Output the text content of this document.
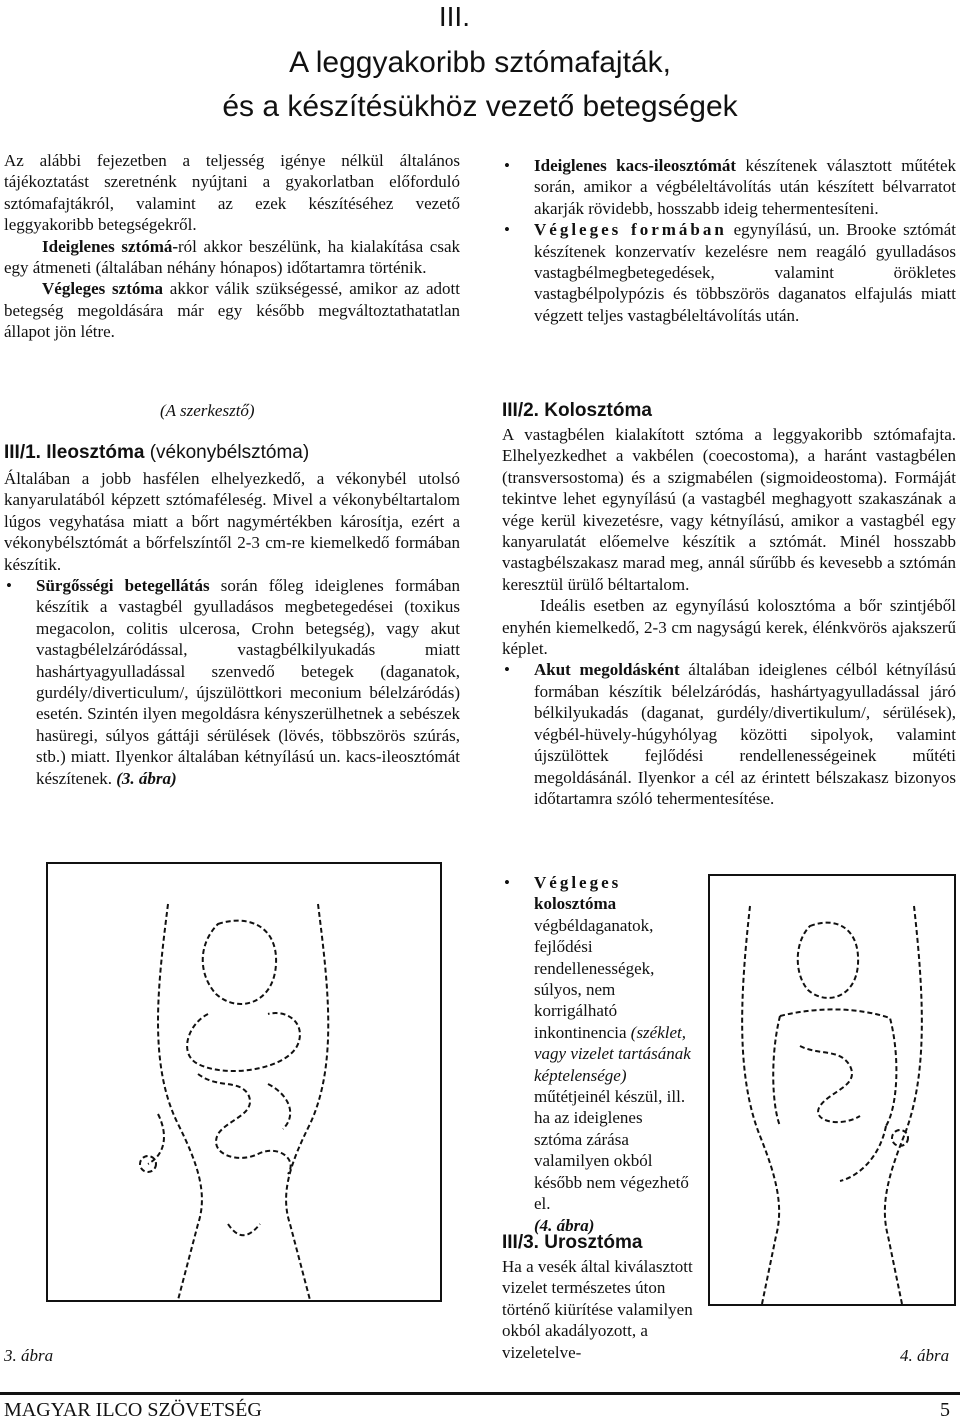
III.
A leggyakoribb sztómafajták,
és a készítésükhöz vezető betegségek

Az alábbi fejezetben a teljesség igénye nélkül általános tájékoztatást szeretnénk nyújtani a gyakorlatban előforduló sztómafajtákról, valamint az ezek készítéséhez vezető leggyakoribb betegségekről.

Ideiglenes sztómá-ról akkor beszélünk, ha kialakítása csak egy átmeneti (általában néhány hónapos) időtartamra történik.

Végleges sztóma akkor válik szükségessé, amikor az adott betegség megoldására már egy később megváltoztathatatlan állapot jön létre.

(A szerkesztő)
III/1. Ileosztóma (vékonybélsztóma)

Általában a jobb hasfélen elhelyezkedő, a vékonybél utolsó kanyarulatából képzett sztómaféleség. Mivel a vékonybéltartalom lúgos vegyhatása miatt a bőrt nagymértékben károsítja, ezért a vékonybélsztómát a bőrfelszíntől 2-3 cm-re kiemelkedő formában készítik.

• Sürgősségi betegellátás során főleg ideiglenes formában készítik a vastagbél gyulladásos megbetegedései (toxikus megacolon, colitis ulcerosa, Crohn betegség), vagy akut vastagbélelzáródással, vastagbélkilyukadás miatt hashártyagyulladással szenvedő betegek (daganatok, gurdély/diverticulum/, újszülöttkori meconium bélelzáródás) esetén. Szintén ilyen megoldásra kényszerülhetnek a sebészek hasüregi, súlyos gáttáji sérülések (lövés, többszörös szúrás, stb.) miatt. Ilyenkor általában kétnyílású un. kacs-ileosztómát készítenek. (3. ábra)

3. ábra

• Ideiglenes kacs-ileosztómát készítenek választott műtétek során, amikor a végbéleltávolítás után készített bélvarratot akarják rövidebb, hosszabb ideig tehermentesíteni.

• Végleges formában egynyílású, un. Brooke sztómát készítenek konzervatív kezelésre nem reagáló gyulladásos vastagbélmegbetegedések, valamint örökletes vastagbélpolypózis és többszörös daganatos elfajulás miatt végzett teljes vastagbéleltávolítás után.

III/2. Kolosztóma

A vastagbélen kialakított sztóma a leggyakoribb sztómafajta. Elhelyezkedhet a vakbélen (coecostoma), a haránt vastagbélen (transversostoma) és a szigmabélen (sigmoideostoma). Formáját tekintve lehet egynyílású (a vastagbél meghagyott szakaszának a vége kerül kivezetésre, vagy kétnyílású, amikor a vastagbél egy kanyarulatát előemelve készítik a sztómát. Minél hosszabb vastagbélszakasz marad meg, annál sűrűbb és kevesebb a sztómán keresztül ürülő béltartalom.

Ideális esetben az egynyílású kolosztóma a bőr szintjéből enyhén kiemelkedő, 2-3 cm nagyságú kerek, élénkvörös ajakszerű képlet.

• Akut megoldásként általában ideiglenes célból kétnyílású formában készítik bélelzáródás, hashártyagyulladással járó bélkilyukadás (daganat, gurdély/divertikulum/, sérülések), végbél-hüvely-húgyhólyag közötti sipolyok, valamint újszülöttek fejlődési rendellenességeinek műtéti megoldásánál. Ilyenkor a cél az érintett bélszakasz bizonyos időtartamra szóló tehermentesítése.

• Végleges
kolosztóma végbéldaganatok, fejlődési rendellenességek, súlyos, nem korrigálható inkontinencia (széklet, vagy vizelet tartásának képtelensége) műtétjeinél készül, ill. ha az ideiglenes sztóma zárása valamilyen okból később nem végezhető el.
(4. ábra)

III/3. Urosztóma
Ha a vesék által kiválasztott vizelet természetes úton történő kiürítése valamilyen okból akadályozott, a vizeletelve-	4. ábra
MAGYAR ILCO SZÖVETSÉG	5
